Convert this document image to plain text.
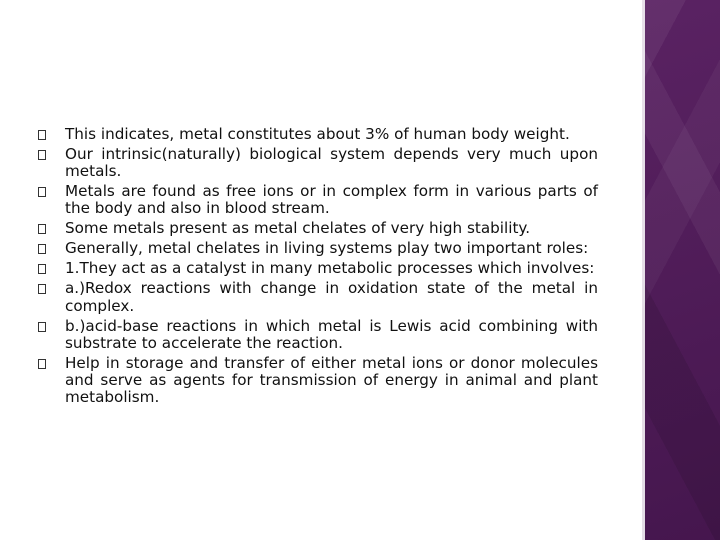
This indicates, metal constitutes about 3% of human body weight.
Our intrinsic(naturally) biological system depends very much upon metals.
Metals are found as free ions or in complex form in various parts of the body and also in blood stream.
Some metals present as metal chelates of very high stability.
Generally, metal chelates in living systems play two important roles:
1.They act as a catalyst in many metabolic processes which involves:
a.)Redox reactions with change in oxidation state of the metal in complex.
b.)acid-base reactions in which metal is Lewis acid combining with substrate to accelerate the reaction.
Help in storage and transfer of either metal ions or donor molecules and serve as agents for transmission of energy in animal and plant metabolism.
